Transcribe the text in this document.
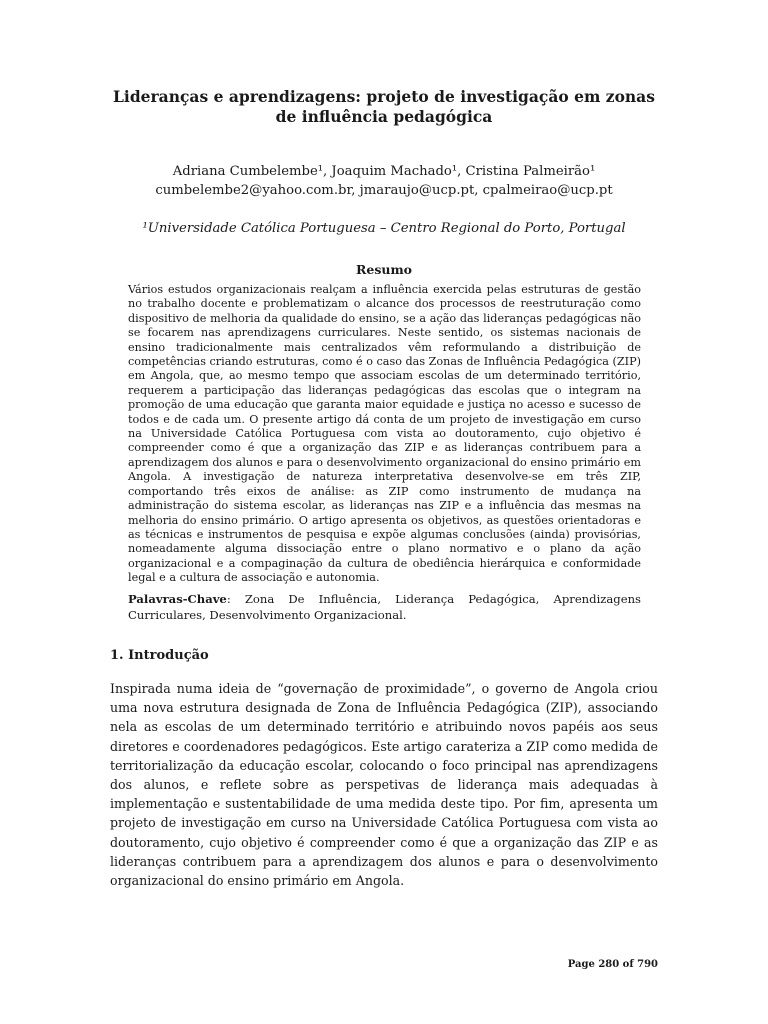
Lideranças e aprendizagens: projeto de investigação em zonas de influência pedagógica
Adriana Cumbelembe¹, Joaquim Machado¹, Cristina Palmeirão¹
cumbelembe2@yahoo.com.br, jmaraujo@ucp.pt, cpalmeirao@ucp.pt
¹Universidade Católica Portuguesa – Centro Regional do Porto, Portugal
Resumo
Vários estudos organizacionais realçam a influência exercida pelas estruturas de gestão no trabalho docente e problematizam o alcance dos processos de reestruturação como dispositivo de melhoria da qualidade do ensino, se a ação das lideranças pedagógicas não se focarem nas aprendizagens curriculares. Neste sentido, os sistemas nacionais de ensino tradicionalmente mais centralizados vêm reformulando a distribuição de competências criando estruturas, como é o caso das Zonas de Influência Pedagógica (ZIP) em Angola, que, ao mesmo tempo que associam escolas de um determinado território, requerem a participação das lideranças pedagógicas das escolas que o integram na promoção de uma educação que garanta maior equidade e justiça no acesso e sucesso de todos e de cada um. O presente artigo dá conta de um projeto de investigação em curso na Universidade Católica Portuguesa com vista ao doutoramento, cujo objetivo é compreender como é que a organização das ZIP e as lideranças contribuem para a aprendizagem dos alunos e para o desenvolvimento organizacional do ensino primário em Angola. A investigação de natureza interpretativa desenvolve-se em três ZIP, comportando três eixos de análise: as ZIP como instrumento de mudança na administração do sistema escolar, as lideranças nas ZIP e a influência das mesmas na melhoria do ensino primário. O artigo apresenta os objetivos, as questões orientadoras e as técnicas e instrumentos de pesquisa e expõe algumas conclusões (ainda) provisórias, nomeadamente alguma dissociação entre o plano normativo e o plano da ação organizacional e a compaginação da cultura de obediência hierárquica e conformidade legal e a cultura de associação e autonomia.
Palavras-Chave: Zona De Influência, Liderança Pedagógica, Aprendizagens Curriculares, Desenvolvimento Organizacional.
1. Introdução
Inspirada numa ideia de “governação de proximidade”, o governo de Angola criou uma nova estrutura designada de Zona de Influência Pedagógica (ZIP), associando nela as escolas de um determinado território e atribuindo novos papéis aos seus diretores e coordenadores pedagógicos. Este artigo carateriza a ZIP como medida de territorialização da educação escolar, colocando o foco principal nas aprendizagens dos alunos, e reflete sobre as perspetivas de liderança mais adequadas à implementação e sustentabilidade de uma medida deste tipo. Por fim, apresenta um projeto de investigação em curso na Universidade Católica Portuguesa com vista ao doutoramento, cujo objetivo é compreender como é que a organização das ZIP e as lideranças contribuem para a aprendizagem dos alunos e para o desenvolvimento organizacional do ensino primário em Angola.
Page 280 of 790
